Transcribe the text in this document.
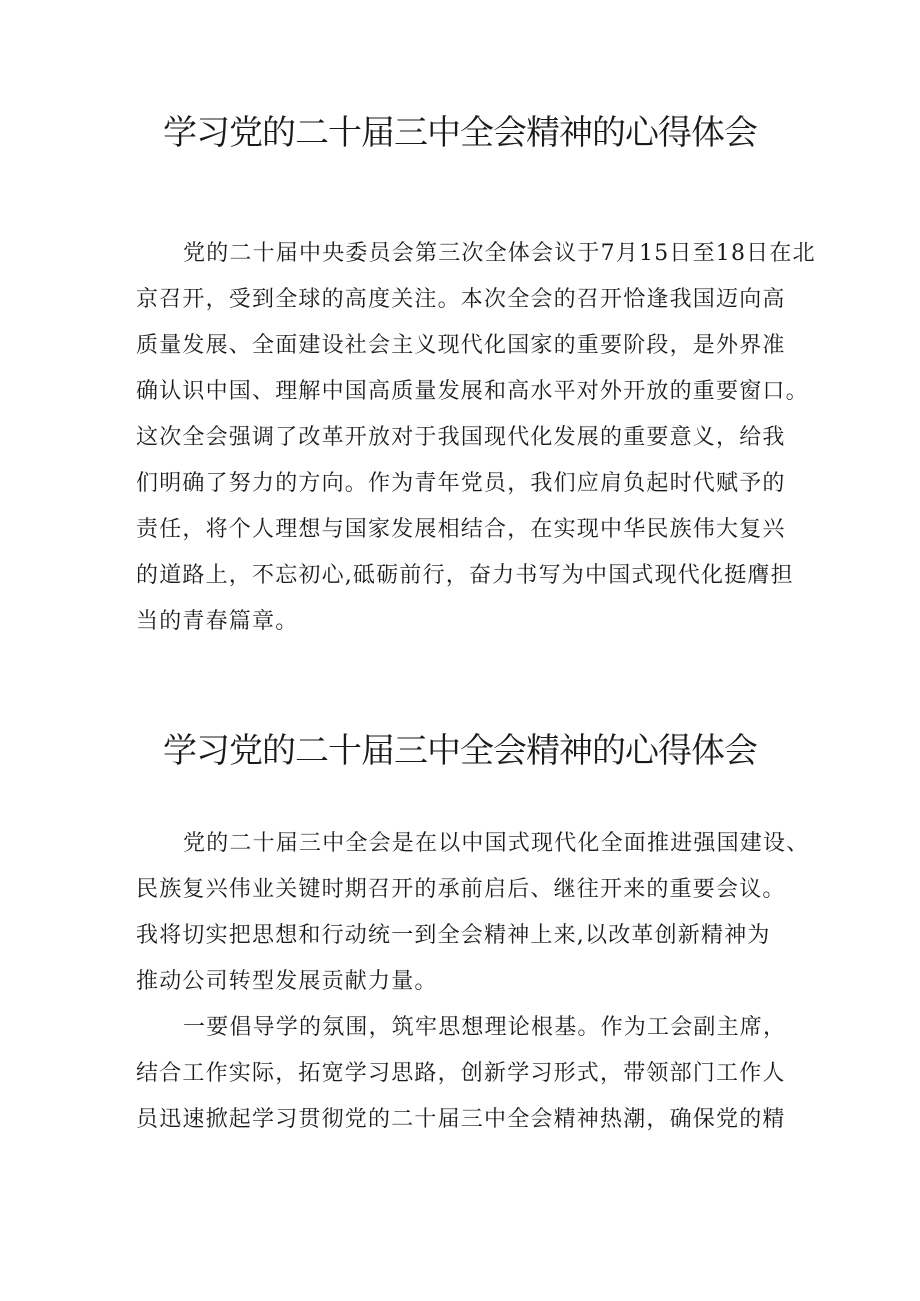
学习党的二十届三中全会精神的心得体会
党的二十届中央委员会第三次全体会议于7月15日至18日在北
京召开，受到全球的高度关注。本次全会的召开恰逢我国迈向高
质量发展、全面建设社会主义现代化国家的重要阶段，是外界准
确认识中国、理解中国高质量发展和高水平对外开放的重要窗口。
这次全会强调了改革开放对于我国现代化发展的重要意义，给我
们明确了努力的方向。作为青年党员，我们应肩负起时代赋予的
责任，将个人理想与国家发展相结合，在实现中华民族伟大复兴
的道路上，不忘初心,砥砺前行，奋力书写为中国式现代化挺膺担
当的青春篇章。
学习党的二十届三中全会精神的心得体会
党的二十届三中全会是在以中国式现代化全面推进强国建设、
民族复兴伟业关键时期召开的承前启后、继往开来的重要会议。
我将切实把思想和行动统一到全会精神上来,以改革创新精神为
推动公司转型发展贡献力量。
一要倡导学的氛围，筑牢思想理论根基。作为工会副主席，
结合工作实际，拓宽学习思路，创新学习形式，带领部门工作人
员迅速掀起学习贯彻党的二十届三中全会精神热潮，确保党的精
